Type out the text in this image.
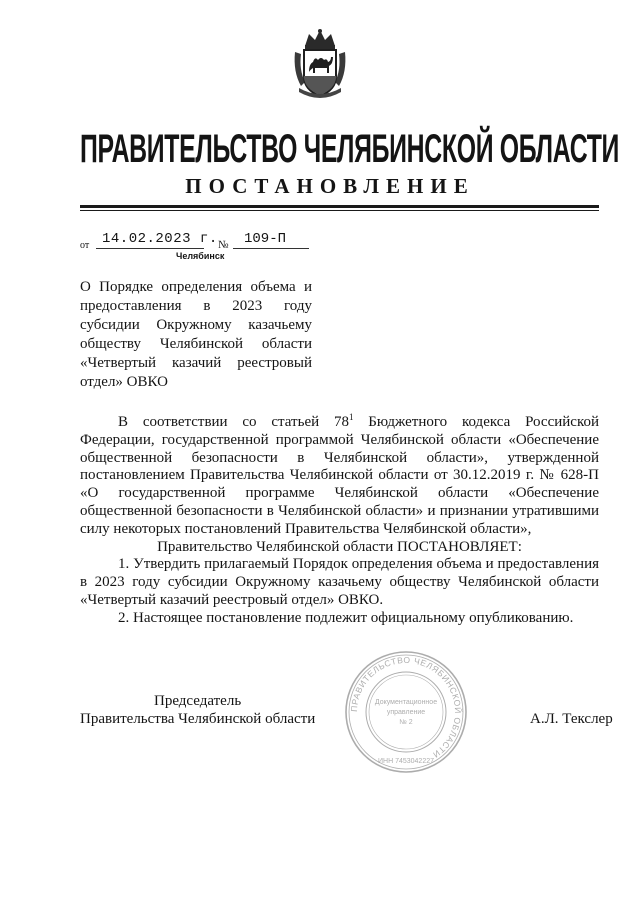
ПРАВИТЕЛЬСТВО ЧЕЛЯБИНСКОЙ ОБЛАСТИ
ПОСТАНОВЛЕНИЕ
от 14.02.2023 г. № 109-П
Челябинск
О Порядке определения объема и
предоставления в 2023 году
субсидии Окружному казачьему
обществу Челябинской области
«Четвертый казачий реестровый
отдел» ОВКО

В соответствии со статьей $78^1$ Бюджетного кодекса Российской Федерации, государственной программой Челябинской области «Обеспечение общественной безопасности в Челябинской области», утвержденной постановлением Правительства Челябинской области от 30.12.2019 г. № 628-П «О государственной программе Челябинской области «Обеспечение общественной безопасности в Челябинской области» и признании утратившими силу некоторых постановлений Правительства Челябинской области»,

Правительство Челябинской области ПОСТАНОВЛЯЕТ:

1. Утвердить прилагаемый Порядок определения объема и предоставления в 2023 году субсидии Окружному казачьему обществу Челябинской области «Четвертый казачий реестровый отдел» ОВКО.

2. Настоящее постановление подлежит официальному опубликованию.

Председатель
Правительства Челябинской области	А.Л. Текслер
ПРАВИТЕЛЬСТВО ЧЕЛЯБИНСКОЙ ОБЛАСТИ
Документационное
управление
№ 2
ИНН 7453042227
